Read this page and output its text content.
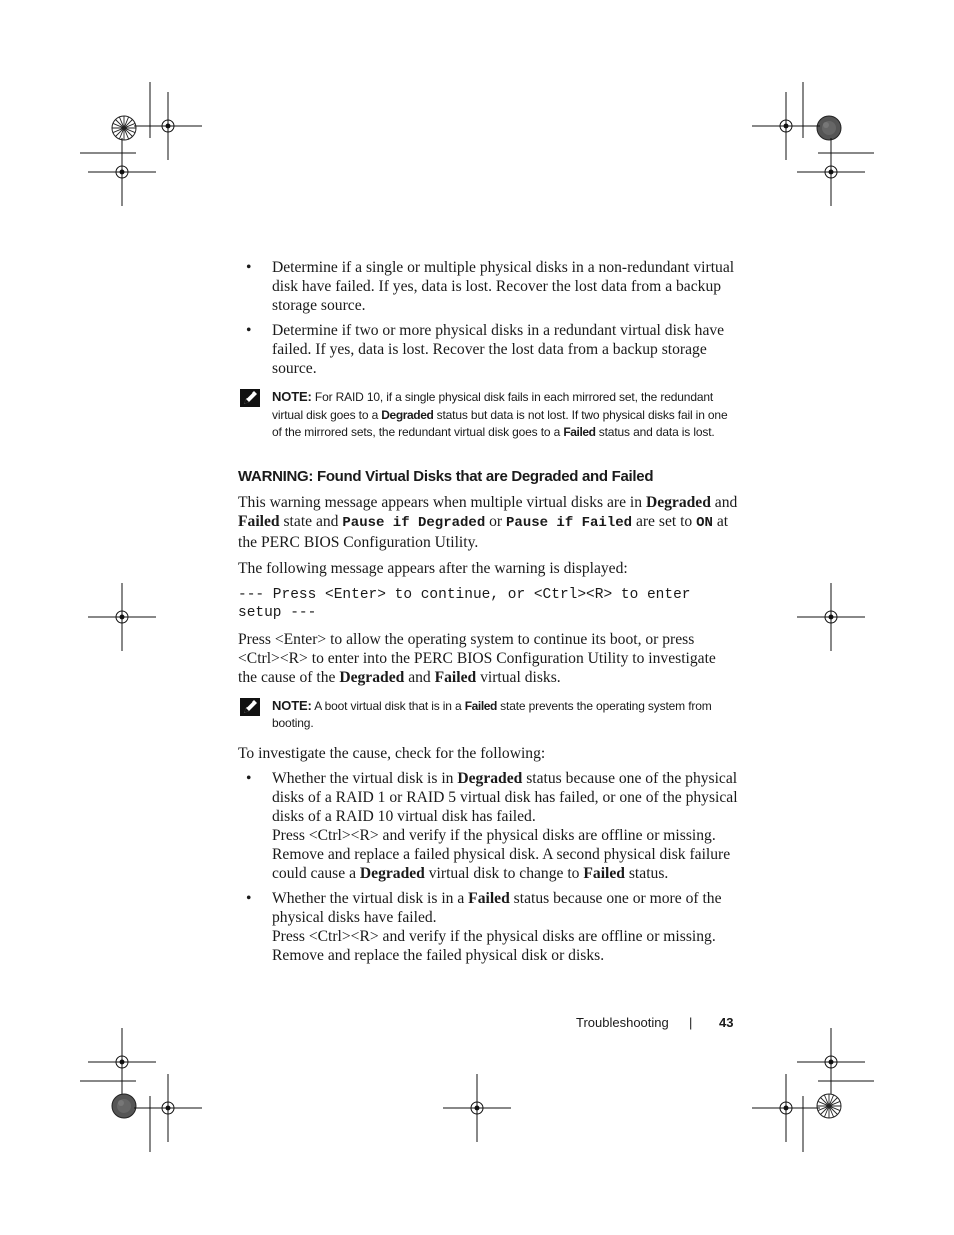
• Determine if a single or multiple physical disks in a non-redundant virtual disk have failed. If yes, data is lost. Recover the lost data from a backup storage source.
• Determine if two or more physical disks in a redundant virtual disk have failed. If yes, data is lost. Recover the lost data from a backup storage source.
NOTE: For RAID 10, if a single physical disk fails in each mirrored set, the redundant virtual disk goes to a Degraded status but data is not lost. If two physical disks fail in one of the mirrored sets, the redundant virtual disk goes to a Failed status and data is lost.
WARNING: Found Virtual Disks that are Degraded and Failed

This warning message appears when multiple virtual disks are in Degraded and Failed state and Pause if Degraded or Pause if Failed are set to ON at the PERC BIOS Configuration Utility.

The following message appears after the warning is displayed:

--- Press <Enter> to continue, or <Ctrl><R> to enter
setup ---

Press <Enter> to allow the operating system to continue its boot, or press <Ctrl><R> to enter into the PERC BIOS Configuration Utility to investigate the cause of the Degraded and Failed virtual disks.

NOTE: A boot virtual disk that is in a Failed state prevents the operating system from booting.

To investigate the cause, check for the following:

• Whether the virtual disk is in Degraded status because one of the physical disks of a RAID 1 or RAID 5 virtual disk has failed, or one of the physical disks of a RAID 10 virtual disk has failed.
Press <Ctrl><R> and verify if the physical disks are offline or missing. Remove and replace a failed physical disk. A second physical disk failure could cause a Degraded virtual disk to change to Failed status.
• Whether the virtual disk is in a Failed status because one or more of the physical disks have failed.
Press <Ctrl><R> and verify if the physical disks are offline or missing. Remove and replace the failed physical disk or disks.
Troubleshooting | 43
